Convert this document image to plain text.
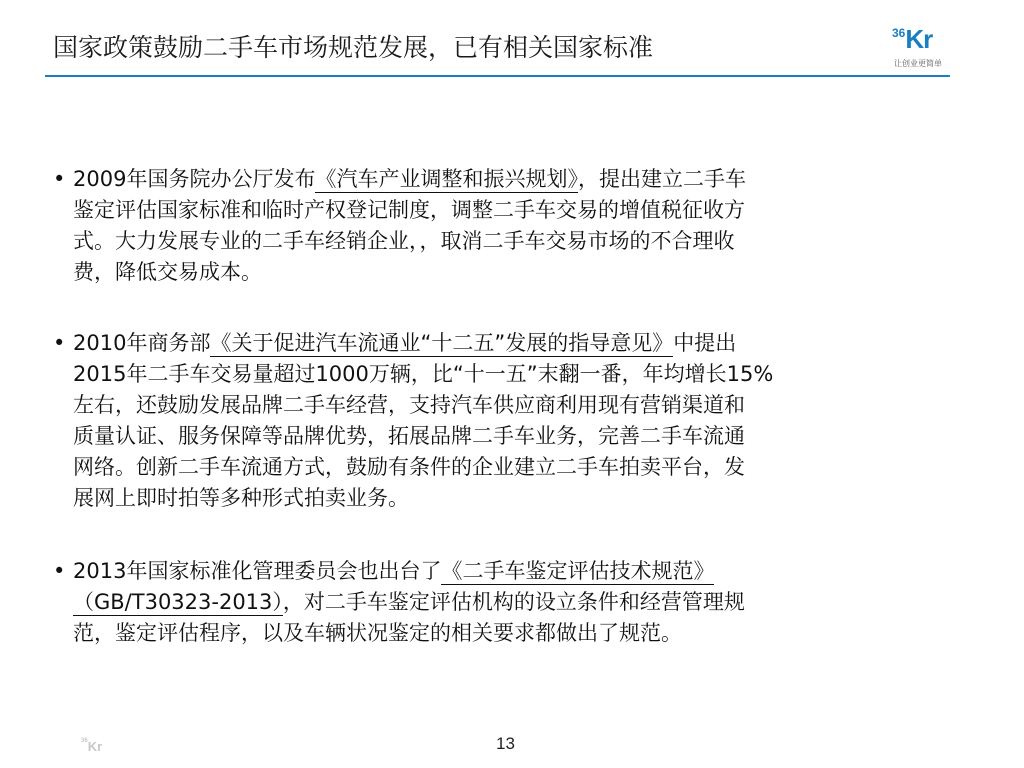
国家政策鼓励二手车市场规范发展，已有相关国家标准	$^{36}$Kr
让创业更简单
• 2009年国务院办公厅发布《汽车产业调整和振兴规划》，提出建立二手车
鉴定评估国家标准和临时产权登记制度，调整二手车交易的增值税征收方
式。大力发展专业的二手车经销企业，，取消二手车交易市场的不合理收
费，降低交易成本。
• 2010年商务部《关于促进汽车流通业“十二五”发展的指导意见》中提出
2015年二手车交易量超过1000万辆，比“十一五”末翻一番，年均增长15%
左右，还鼓励发展品牌二手车经营，支持汽车供应商利用现有营销渠道和
质量认证、服务保障等品牌优势，拓展品牌二手车业务，完善二手车流通
网络。创新二手车流通方式，鼓励有条件的企业建立二手车拍卖平台，发
展网上即时拍等多种形式拍卖业务。
• 2013年国家标准化管理委员会也出台了《二手车鉴定评估技术规范》
（GB/T30323-2013），对二手车鉴定评估机构的设立条件和经营管理规
范，鉴定评估程序，以及车辆状况鉴定的相关要求都做出了规范。
$^{36}$Kr	13
